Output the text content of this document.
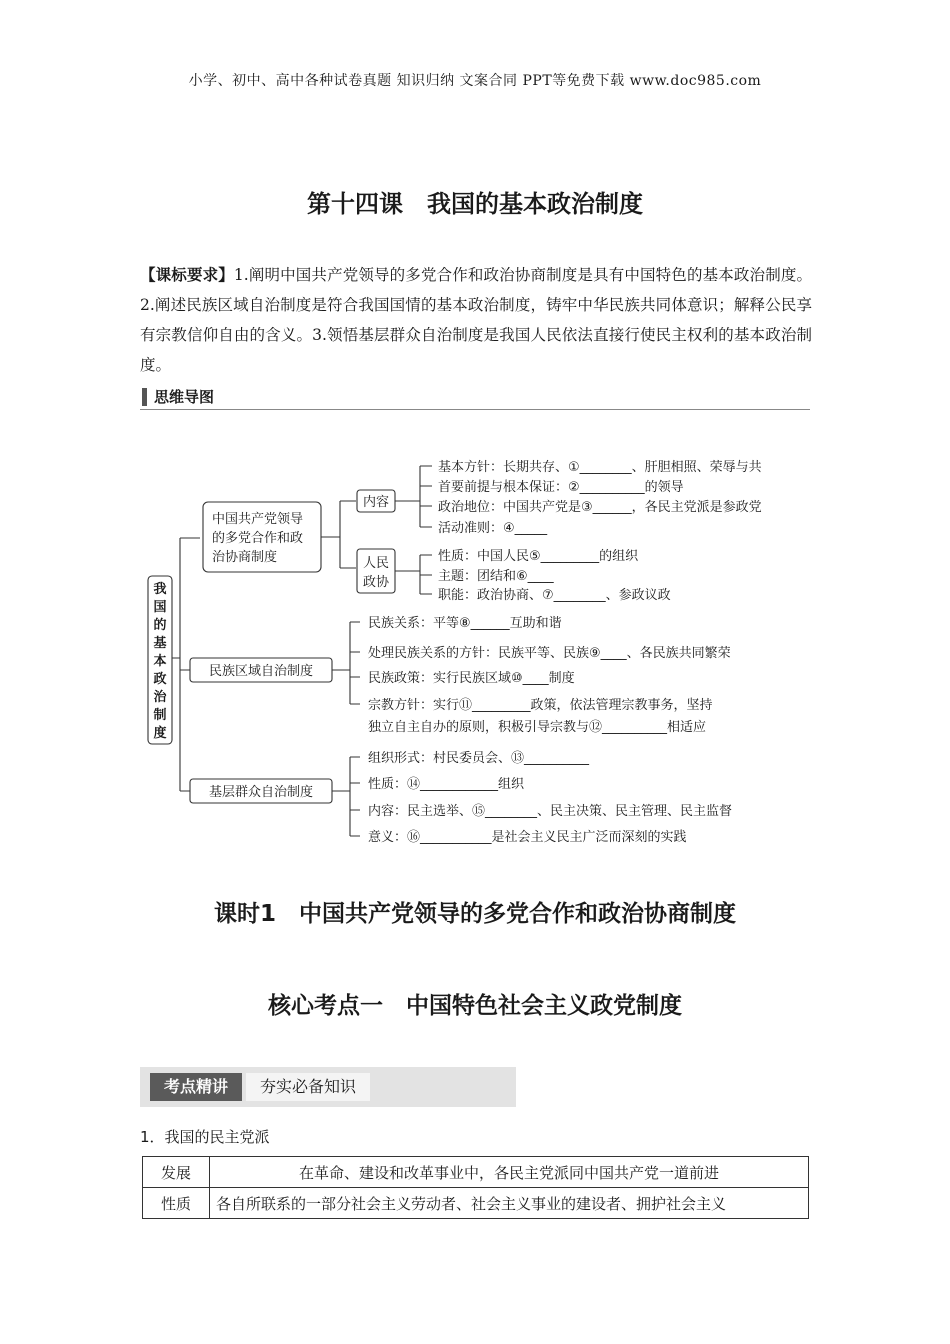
小学、初中、高中各种试卷真题 知识归纳 文案合同 PPT等免费下载 www.doc985.com
第十四课　我国的基本政治制度
【课标要求】1.阐明中国共产党领导的多党合作和政治协商制度是具有中国特色的基本政治制度。2.阐述民族区域自治制度是符合我国国情的基本政治制度，铸牢中华民族共同体意识；解释公民享有宗教信仰自由的含义。3.领悟基层群众自治制度是我国人民依法直接行使民主权利的基本政治制度。
思维导图
我
国
的
基
本
政
治
制
度
中国共产党领导
的多党合作和政
治协商制度
内容
人民
政协
基本方针：长期共存、①________、肝胆相照、荣辱与共
首要前提与根本保证：②__________的领导
政治地位：中国共产党是③______，各民主党派是参政党
活动准则：④_____
性质：中国人民⑤_________的组织
主题：团结和⑥____
职能：政治协商、⑦________、参政议政
民族区域自治制度
民族关系：平等⑧______互助和谐
处理民族关系的方针：民族平等、民族⑨____、各民族共同繁荣
民族政策：实行民族区域⑩____制度
宗教方针：实行⑪_________政策，依法管理宗教事务，坚持
独立自主自办的原则，积极引导宗教与⑫__________相适应
基层群众自治制度
组织形式：村民委员会、⑬__________
性质：⑭____________组织
内容：民主选举、⑮________、民主决策、民主管理、民主监督
意义：⑯___________是社会主义民主广泛而深刻的实践
课时1　中国共产党领导的多党合作和政治协商制度
核心考点一　中国特色社会主义政党制度
考点精讲	夯实必备知识
1．我国的民主党派
发展	在革命、建设和改革事业中，各民主党派同中国共产党一道前进
性质	各自所联系的一部分社会主义劳动者、社会主义事业的建设者、拥护社会主义
